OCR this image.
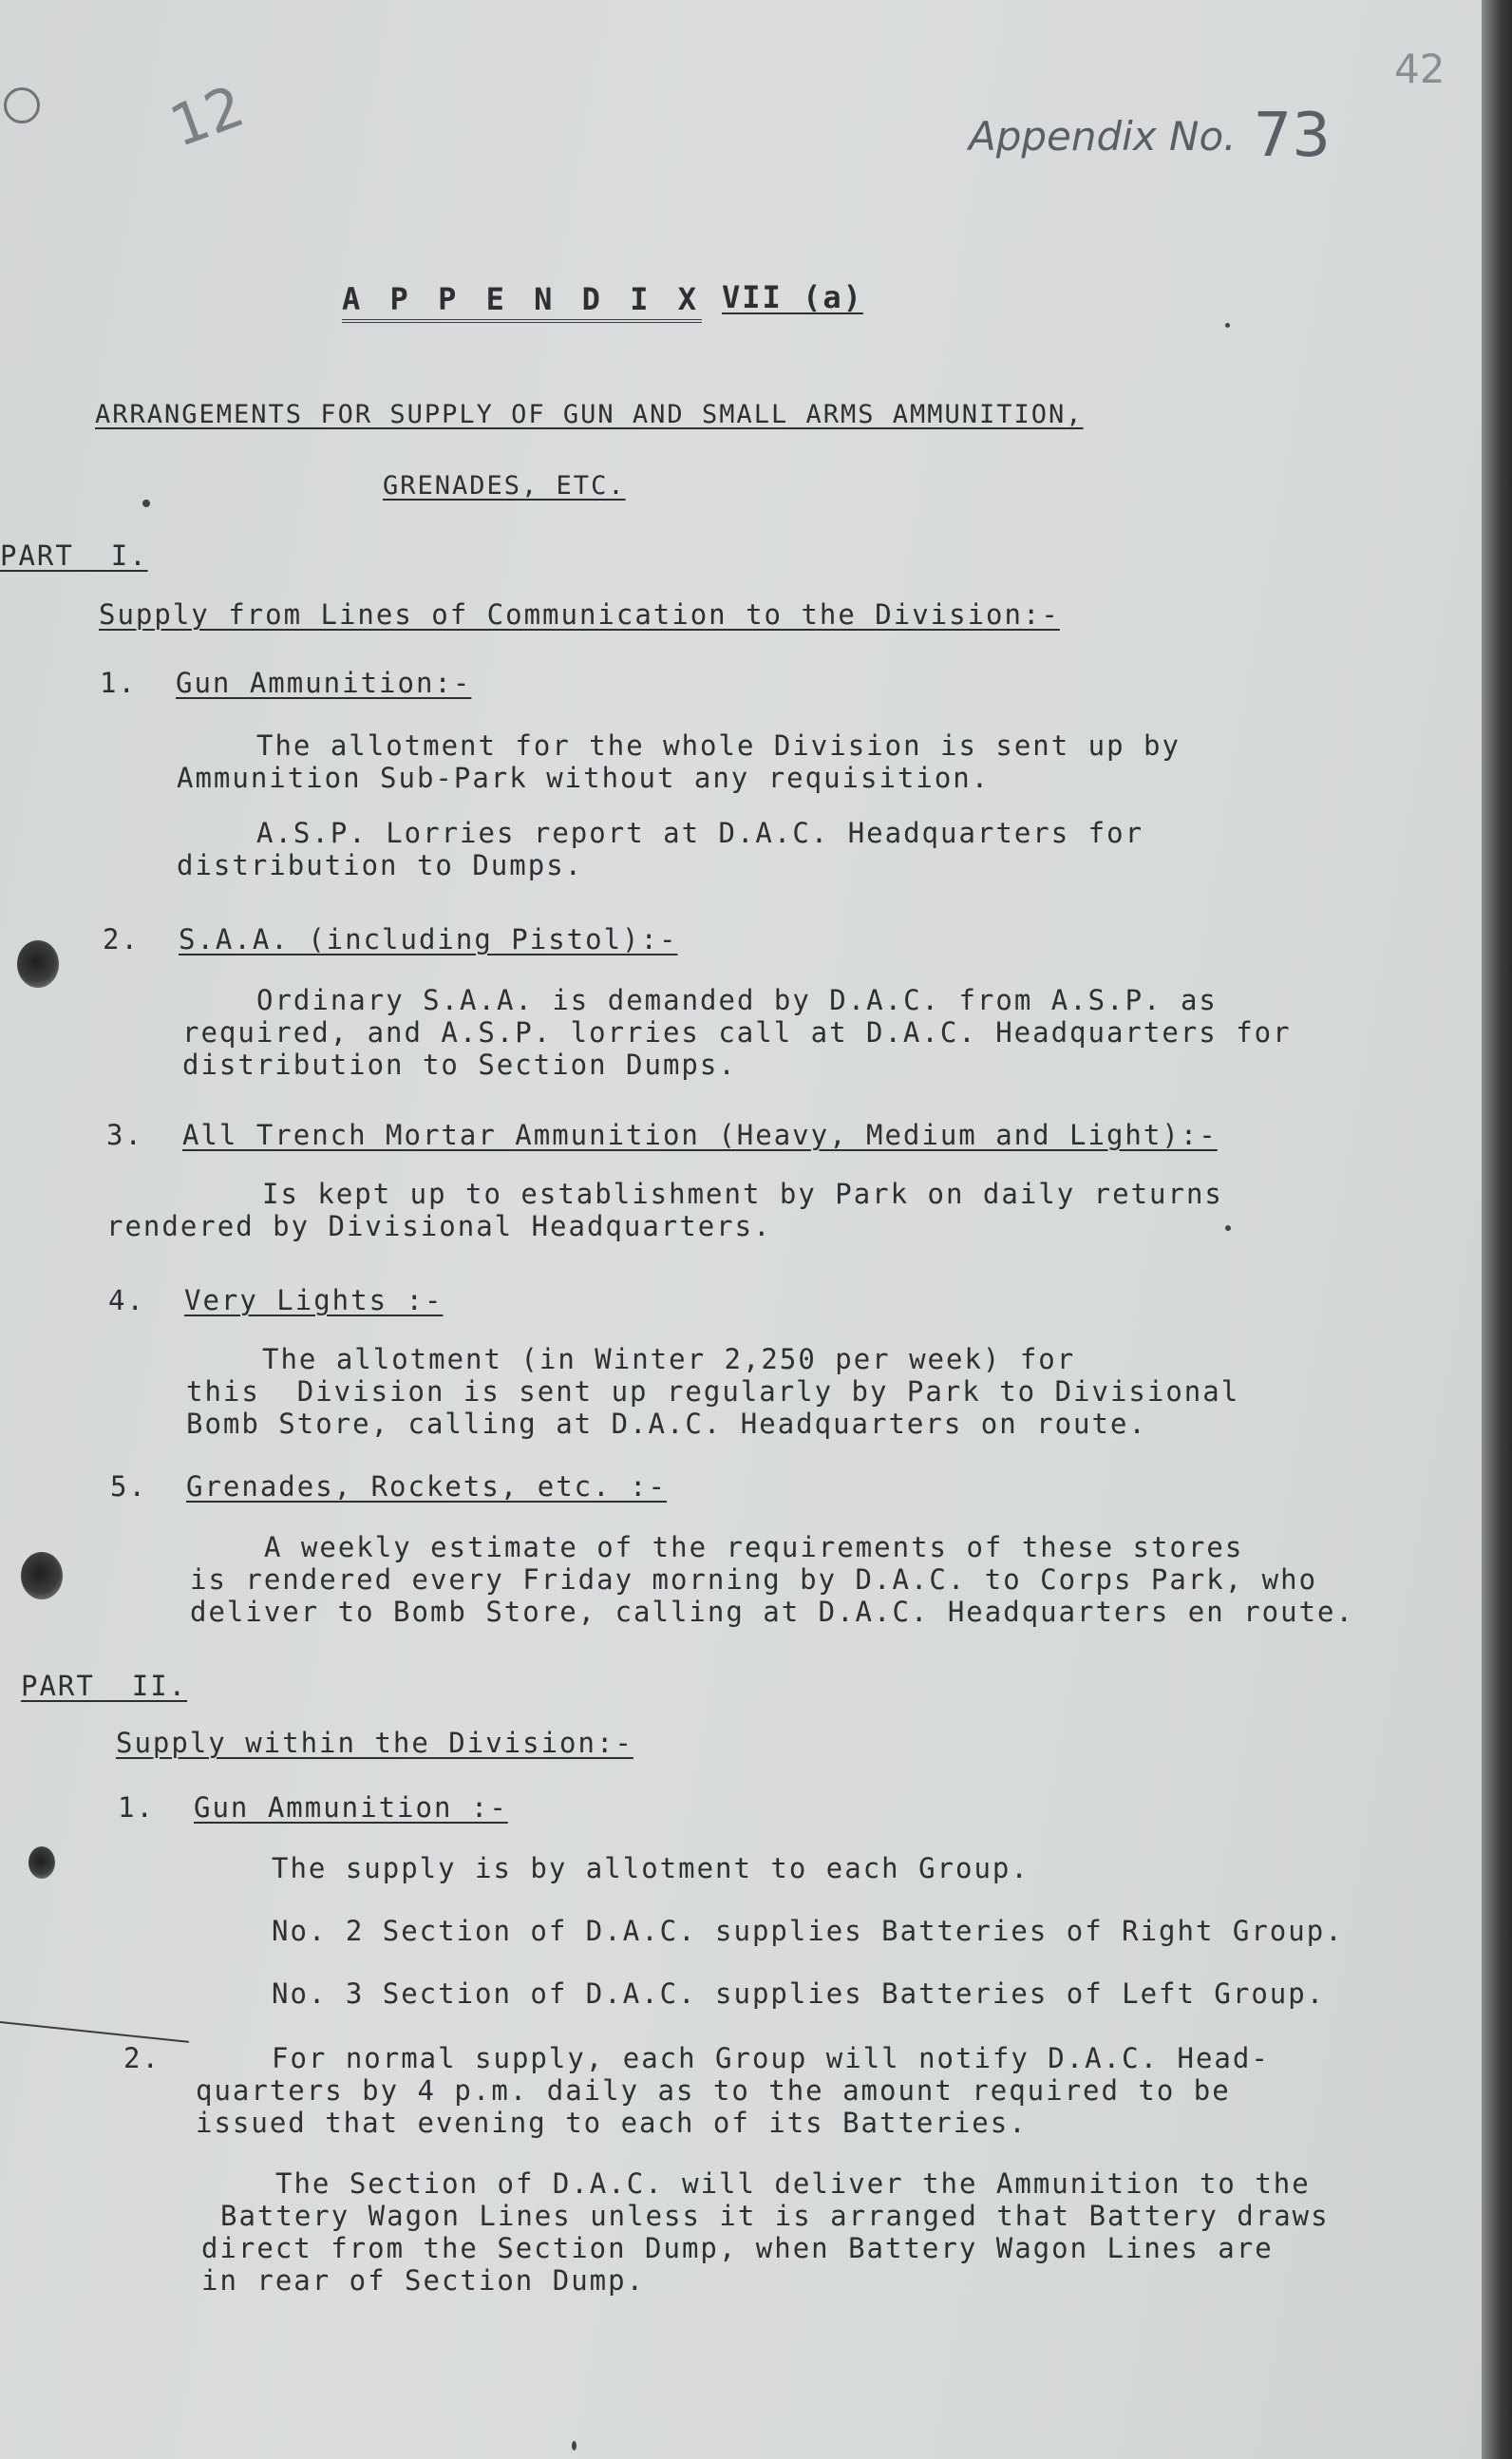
12
42
Appendix No. 73
A P P E N D I X VII (a)
ARRANGEMENTS FOR SUPPLY OF GUN AND SMALL ARMS AMMUNITION,
GRENADES, ETC.
PART  I.
Supply from Lines of Communication to the Division:-
1. Gun Ammunition:-
The allotment for the whole Division is sent up by
Ammunition Sub-Park without any requisition.
A.S.P. Lorries report at D.A.C. Headquarters for
distribution to Dumps.
2. S.A.A. (including Pistol):-
Ordinary S.A.A. is demanded by D.A.C. from A.S.P. as
required, and A.S.P. lorries call at D.A.C. Headquarters for
distribution to Section Dumps.
3. All Trench Mortar Ammunition (Heavy, Medium and Light):-
Is kept up to establishment by Park on daily returns
rendered by Divisional Headquarters.
4. Very Lights :-
The allotment (in Winter 2,250 per week) for
this  Division is sent up regularly by Park to Divisional
Bomb Store, calling at D.A.C. Headquarters on route.
5. Grenades, Rockets, etc. :-
A weekly estimate of the requirements of these stores
is rendered every Friday morning by D.A.C. to Corps Park, who
deliver to Bomb Store, calling at D.A.C. Headquarters en route.
PART  II.
Supply within the Division:-
1. Gun Ammunition :-
The supply is by allotment to each Group.
No. 2 Section of D.A.C. supplies Batteries of Right Group.
No. 3 Section of D.A.C. supplies Batteries of Left Group.
2.	For normal supply, each Group will notify D.A.C. Head-
quarters by 4 p.m. daily as to the amount required to be
issued that evening to each of its Batteries.
The Section of D.A.C. will deliver the Ammunition to the
Battery Wagon Lines unless it is arranged that Battery draws
direct from the Section Dump, when Battery Wagon Lines are
in rear of Section Dump.
